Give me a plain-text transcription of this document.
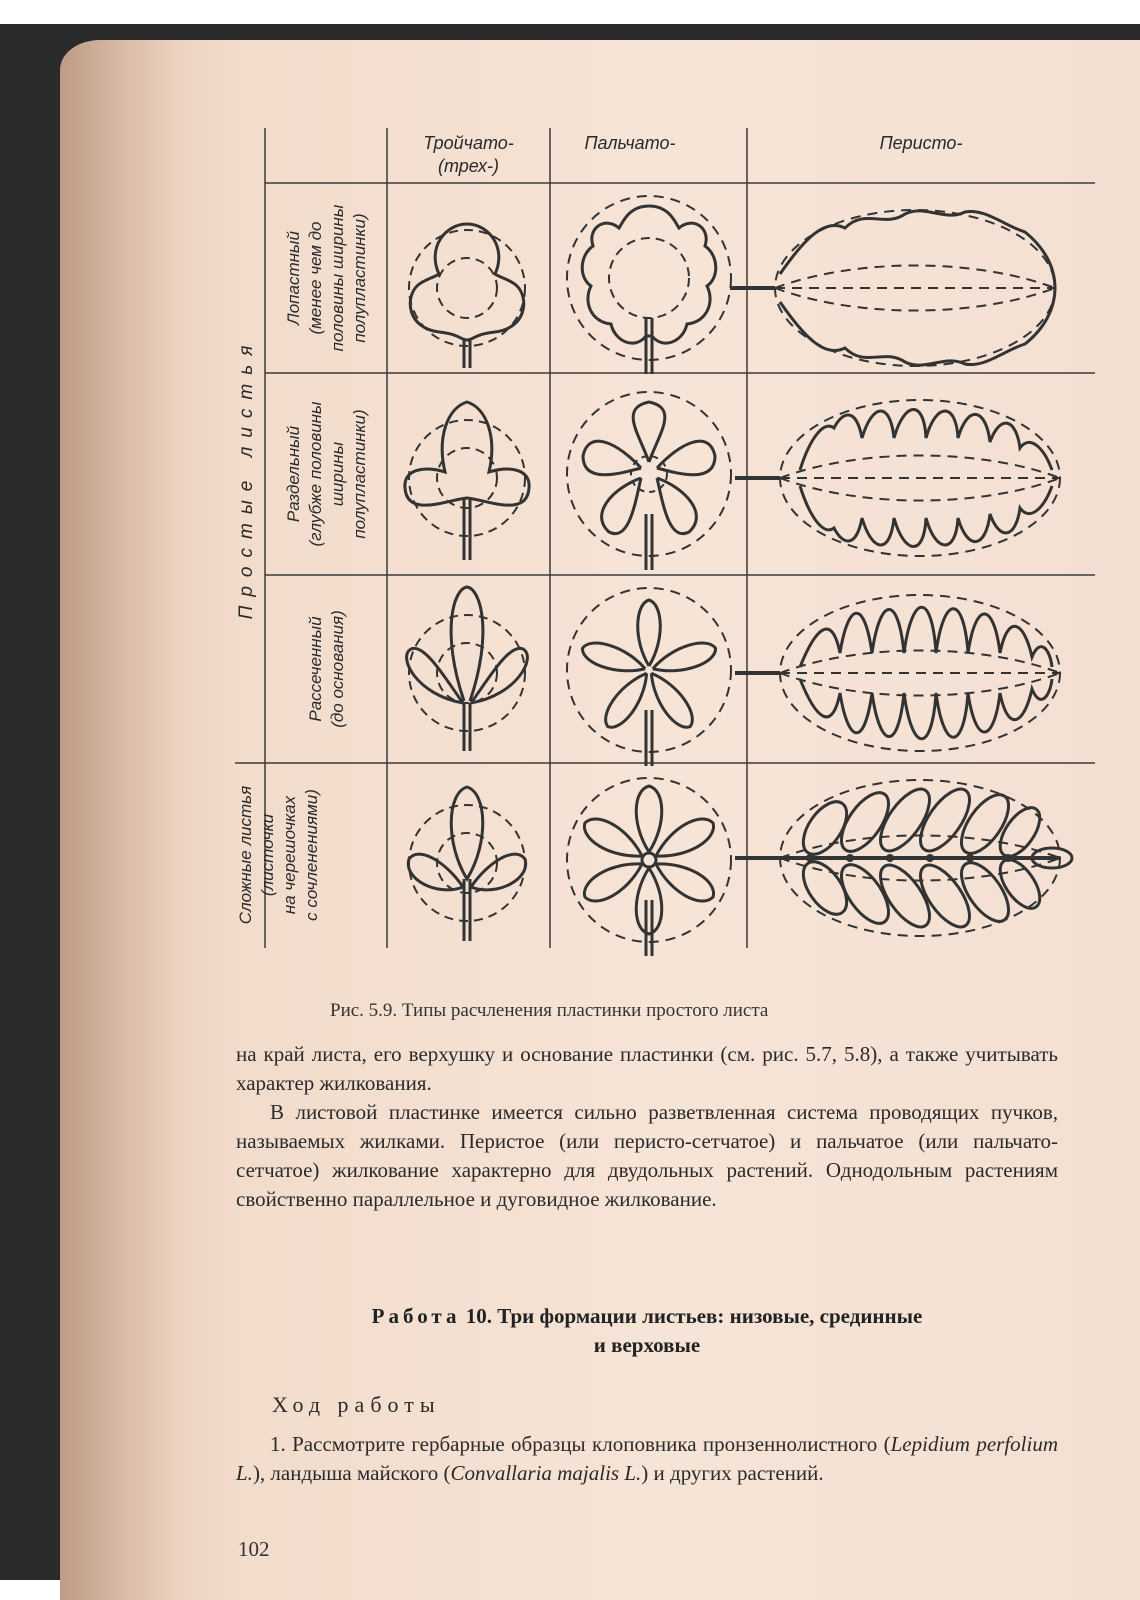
Тройчато-
(трех-)
Пальчато-	Перисто-
Простые листья
Лопастный (менее чем до половины ширины полупластинки)
Раздельный (глубже половины ширины полупластинки)
Рассеченный (до основания)
Сложные листья (листочки на черешочках с сочленениями)
Рис. 5.9. Типы расчленения пластинки простого листа

на край листа, его верхушку и основание пластинки (см. рис. 5.7, 5.8), а также учитывать характер жилкования.

В листовой пластинке имеется сильно разветвленная система проводящих пучков, называемых жилками. Перистое (или перисто-сетчатое) и пальчатое (или пальчато-сетчатое) жилкование характерно для двудольных растений. Однодольным растениям свойственно параллельное и дуговидное жилкование.

Работа 10. Три формации листьев: низовые, срединные
и верховые
Ход работы

1. Рассмотрите гербарные образцы клоповника пронзеннолистного (Lepidium perfolium L.), ландыша майского (Convallaria majalis L.) и других растений.

102
